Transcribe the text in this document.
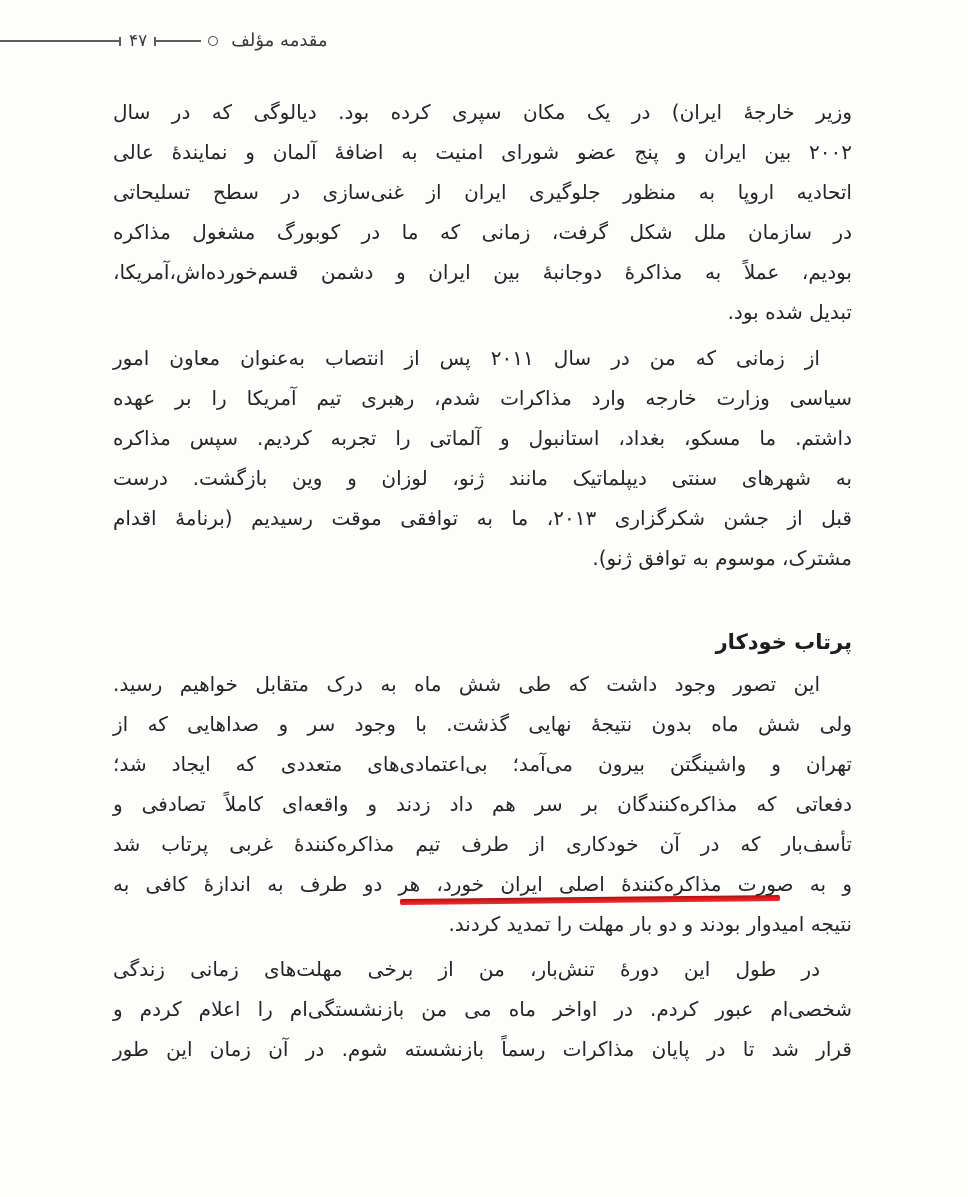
۴۷	مقدمه مؤلف
وزیر خارجهٔ ایران) در یک مکان سپری کرده بود. دیالوگی که در سال
۲۰۰۲ بین ایران و پنج عضو شورای امنیت به اضافهٔ آلمان و نمایندهٔ عالی
اتحادیه اروپا به منظور جلوگیری ایران از غنی‌سازی در سطح تسلیحاتی
در سازمان ملل شکل گرفت، زمانی که ما در کوبورگ مشغول مذاکره
بودیم، عملاً به مذاکرهٔ دوجانبهٔ بین ایران و دشمن قسم‌خورده‌اش،آمریکا،
تبدیل شده بود.
از زمانی که من در سال ۲۰۱۱ پس از انتصاب به‌عنوان معاون امور
سیاسی وزارت خارجه وارد مذاکرات شدم، رهبری تیم آمریکا را بر عهده
داشتم. ما مسکو، بغداد، استانبول و آلماتی را تجربه کردیم. سپس مذاکره
به شهرهای سنتی دیپلماتیک مانند ژنو، لوزان و وین بازگشت. درست
قبل از جشن شکرگزاری ۲۰۱۳، ما به توافقی موقت رسیدیم (برنامهٔ اقدام
مشترک، موسوم به توافق ژنو).
پرتاب خودکار
این تصور وجود داشت که طی شش ماه به درک متقابل خواهیم رسید.
ولی شش ماه بدون نتیجهٔ نهایی گذشت. با وجود سر و صداهایی که از
تهران و واشینگتن بیرون می‌آمد؛ بی‌اعتمادی‌های متعددی که ایجاد شد؛
دفعاتی که مذاکره‌کنندگان بر سر هم داد زدند و واقعه‌ای کاملاً تصادفی و
تأسف‌بار که در آن خودکاری از طرف تیم مذاکره‌کنندهٔ غربی پرتاب شد
و به صورت مذاکره‌کنندهٔ اصلی ایران خورد، هر دو طرف به اندازهٔ کافی به
نتیجه امیدوار بودند و دو بار مهلت را تمدید کردند.
در طول این دورهٔ تنش‌بار، من از برخی مهلت‌های زمانی زندگی
شخصی‌ام عبور کردم. در اواخر ماه می من بازنشستگی‌ام را اعلام کردم و
قرار شد تا در پایان مذاکرات رسماً بازنشسته شوم. در آن زمان این طور
